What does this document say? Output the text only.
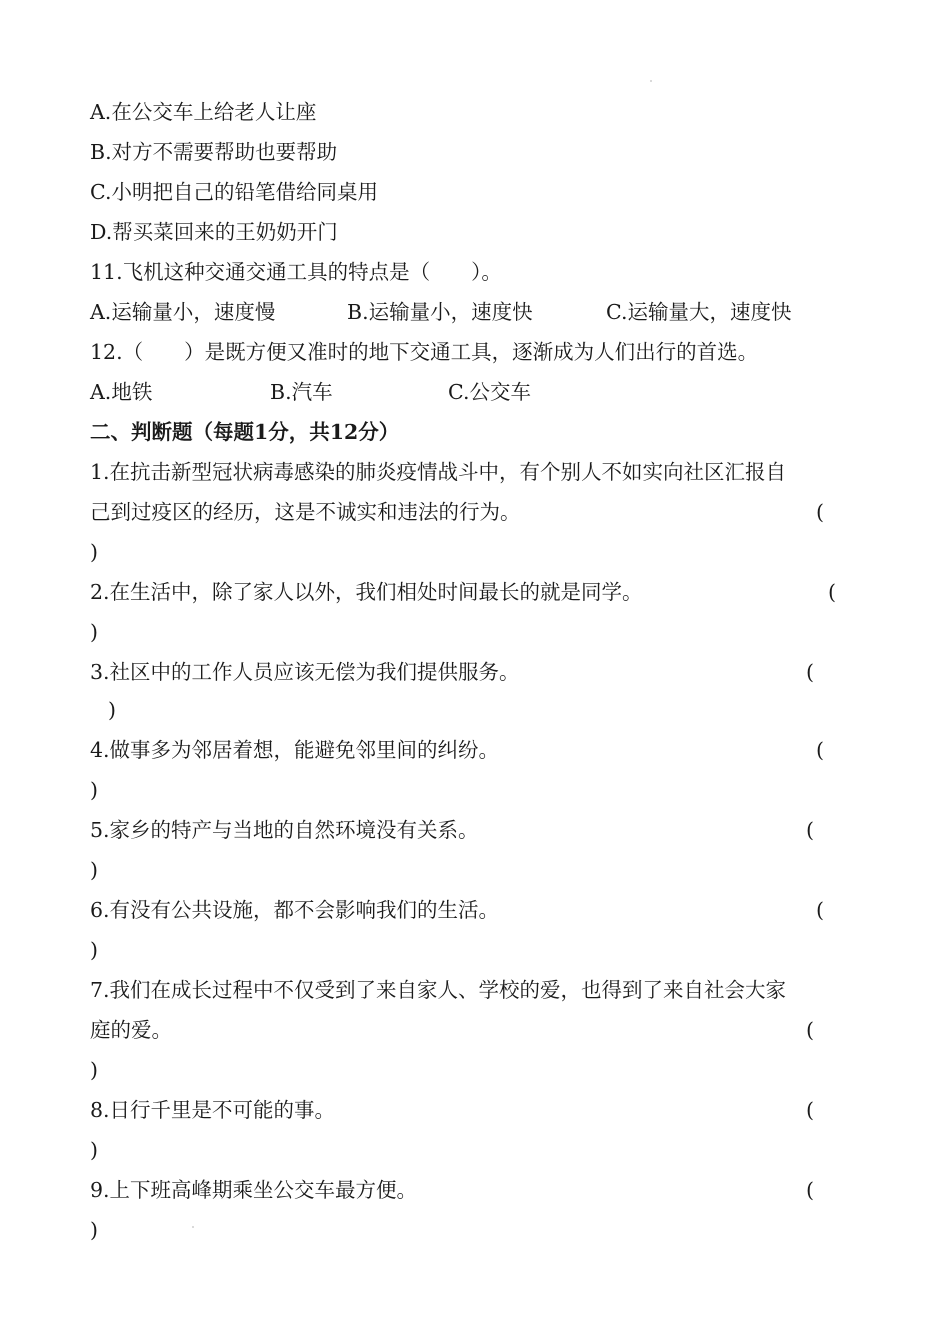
A.在公交车上给老人让座
B.对方不需要帮助也要帮助
C.小明把自己的铅笔借给同桌用
D.帮买菜回来的王奶奶开门
11.飞机这种交通交通工具的特点是（　　）。
A.运输量小，速度慢	B.运输量小，速度快	C.运输量大，速度快
12.（　　）是既方便又准时的地下交通工具，逐渐成为人们出行的首选。
A.地铁	B.汽车	C.公交车
二、判断题（每题1分，共12分）
1.在抗击新型冠状病毒感染的肺炎疫情战斗中，有个别人不如实向社区汇报自
己到过疫区的经历，这是不诚实和违法的行为。	(
)
2.在生活中，除了家人以外，我们相处时间最长的就是同学。	(
)
3.社区中的工作人员应该无偿为我们提供服务。	(
)
4.做事多为邻居着想，能避免邻里间的纠纷。	(
)
5.家乡的特产与当地的自然环境没有关系。	(
)
6.有没有公共设施，都不会影响我们的生活。	(
)
7.我们在成长过程中不仅受到了来自家人、学校的爱，也得到了来自社会大家
庭的爱。	(
)
8.日行千里是不可能的事。	(
)
9.上下班高峰期乘坐公交车最方便。	(
)
